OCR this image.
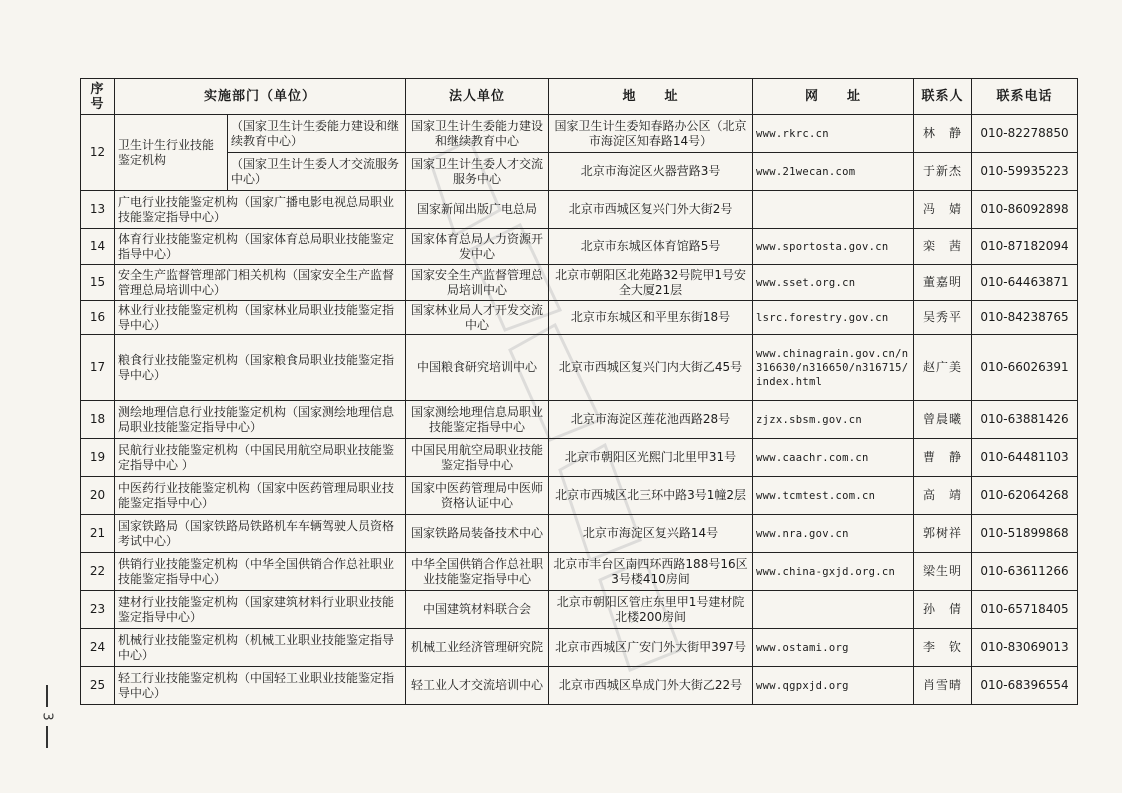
序号	实施部门（单位）		法人单位	地　　址	网　　址	联系人	联系电话
12	卫生计生行业技能鉴定机构	（国家卫生计生委能力建设和继续教育中心）	国家卫生计生委能力建设和继续教育中心	国家卫生计生委知春路办公区（北京市海淀区知春路14号）	www.rkrc.cn	林　静	010-82278850
		（国家卫生计生委人才交流服务中心）	国家卫生计生委人才交流服务中心	北京市海淀区火器营路3号	www.21wecan.com	于新杰	010-59935223
13	广电行业技能鉴定机构（国家广播电影电视总局职业技能鉴定指导中心）		国家新闻出版广电总局	北京市西城区复兴门外大街2号		冯　婧	010-86092898
14	体育行业技能鉴定机构（国家体育总局职业技能鉴定指导中心）		国家体育总局人力资源开发中心	北京市东城区体育馆路5号	www.sportosta.gov.cn	栾　茜	010-87182094
15	安全生产监督管理部门相关机构（国家安全生产监督管理总局培训中心）		国家安全生产监督管理总局培训中心	北京市朝阳区北苑路32号院甲1号安全大厦21层	www.sset.org.cn	董嘉明	010-64463871
16	林业行业技能鉴定机构（国家林业局职业技能鉴定指导中心）		国家林业局人才开发交流中心	北京市东城区和平里东街18号	lsrc.forestry.gov.cn	吴秀平	010-84238765
17	粮食行业技能鉴定机构（国家粮食局职业技能鉴定指导中心）		中国粮食研究培训中心	北京市西城区复兴门内大街乙45号	www.chinagrain.gov.cn/n316630/n316650/n316715/index.html	赵广美	010-66026391
18	测绘地理信息行业技能鉴定机构（国家测绘地理信息局职业技能鉴定指导中心）		国家测绘地理信息局职业技能鉴定指导中心	北京市海淀区莲花池西路28号	zjzx.sbsm.gov.cn	曾晨曦	010-63881426
19	民航行业技能鉴定机构（中国民用航空局职业技能鉴定指导中心 ）		中国民用航空局职业技能鉴定指导中心	北京市朝阳区光熙门北里甲31号	www.caachr.com.cn	曹　静	010-64481103
20	中医药行业技能鉴定机构（国家中医药管理局职业技能鉴定指导中心）		国家中医药管理局中医师资格认证中心	北京市西城区北三环中路3号1幢2层	www.tcmtest.com.cn	高　靖	010-62064268
21	国家铁路局（国家铁路局铁路机车车辆驾驶人员资格考试中心）		国家铁路局装备技术中心	北京市海淀区复兴路14号	www.nra.gov.cn	郭树祥	010-51899868
22	供销行业技能鉴定机构（中华全国供销合作总社职业技能鉴定指导中心）		中华全国供销合作总社职业技能鉴定指导中心	北京市丰台区南四环西路188号16区3号楼410房间	www.china-gxjd.org.cn	梁生明	010-63611266
23	建材行业技能鉴定机构（国家建筑材料行业职业技能鉴定指导中心）		中国建筑材料联合会	北京市朝阳区管庄东里甲1号建材院北楼200房间		孙　倩	010-65718405
24	机械行业技能鉴定机构（机械工业职业技能鉴定指导中心）		机械工业经济管理研究院	北京市西城区广安门外大街甲397号	www.ostami.org	李　钦	010-83069013
25	轻工行业技能鉴定机构（中国轻工业职业技能鉴定指导中心）		轻工业人才交流培训中心	北京市西城区阜成门外大街乙22号	www.qgpxjd.org	肖雪晴	010-68396554
3
